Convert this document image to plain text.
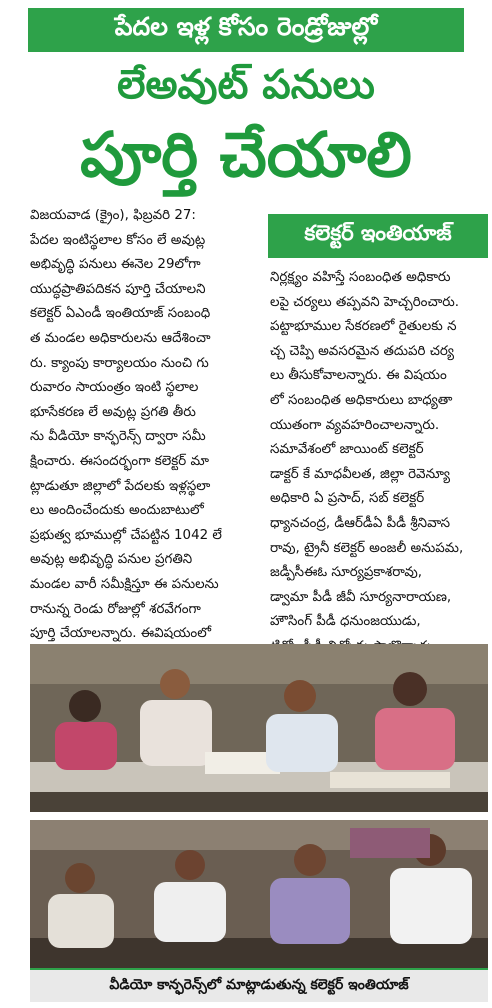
పేదల ఇళ్ల కోసం రెండ్రోజుల్లో
లేఅవుట్ పనులు
పూర్తి చేయాలి

విజయవాడ (క్రైం), ఫిబ్రవరి 27:

పేదల ఇంటిస్థలాల కోసం లే అవుట్ల

అభివృద్ధి పనులు ఈనెల 29లోగా

యుద్ధప్రాతిపదికన పూర్తి చేయాలని

కలెక్టర్ ఏఎండీ ఇంతియాజ్ సంబంధి

త మండల అధికారులను ఆదేశించా

రు. క్యాంపు కార్యాలయం నుంచి గు

రువారం సాయంత్రం ఇంటి స్థలాల

భూసేకరణ లే అవుట్ల ప్రగతి తీరు

ను వీడియో కాన్ఫరెన్స్ ద్వారా సమీ

క్షించారు. ఈసందర్భంగా కలెక్టర్ మా

ట్లాడుతూ జిల్లాలో పేదలకు ఇళ్లస్థలా

లు అందించేందుకు అందుబాటులో

ప్రభుత్వ భూముల్లో చేపట్టిన 1042 లే

అవుట్ల అభివృద్ధి పనుల ప్రగతిని

మండల వారీ సమీక్షిస్తూ ఈ పనులను

రానున్న రెండు రోజుల్లో శరవేగంగా

పూర్తి చేయాలన్నారు. ఈవిషయంలో

కలెక్టర్ ఇంతియాజ్

నిర్లక్ష్యం వహిస్తే సంబంధిత అధికారు

లపై చర్యలు తప్పవని హెచ్చరించారు.

పట్టాభూముల సేకరణలో రైతులకు న

చ్చ చెప్పి అవసరమైన తదుపరి చర్య

లు తీసుకోవాలన్నారు. ఈ విషయం

లో సంబంధిత అధికారులు బాధ్యతా

యుతంగా వ్యవహరించాలన్నారు.

సమావేశంలో జాయింట్ కలెక్టర్

డాక్టర్ కే మాధవీలత, జిల్లా రెవెన్యూ

అధికారి ఏ ప్రసాద్, సబ్ కలెక్టర్

ధ్యానచంద్ర, డీఆర్‌డీఏ పీడీ శ్రీనివాస

రావు, ట్రైనీ కలెక్టర్ అంజలీ అనుపమ,

జడ్పీసీఈఓ సూర్యప్రకాశరావు,

డ్వామా పీడీ జీవీ సూర్యనారాయణ,

హౌసింగ్ పీడీ ధనుంజయుడు,

వీడియో కాన్ఫరెన్స్‌లో మాట్లాడుతున్న కలెక్టర్ ఇంతియాజ్
